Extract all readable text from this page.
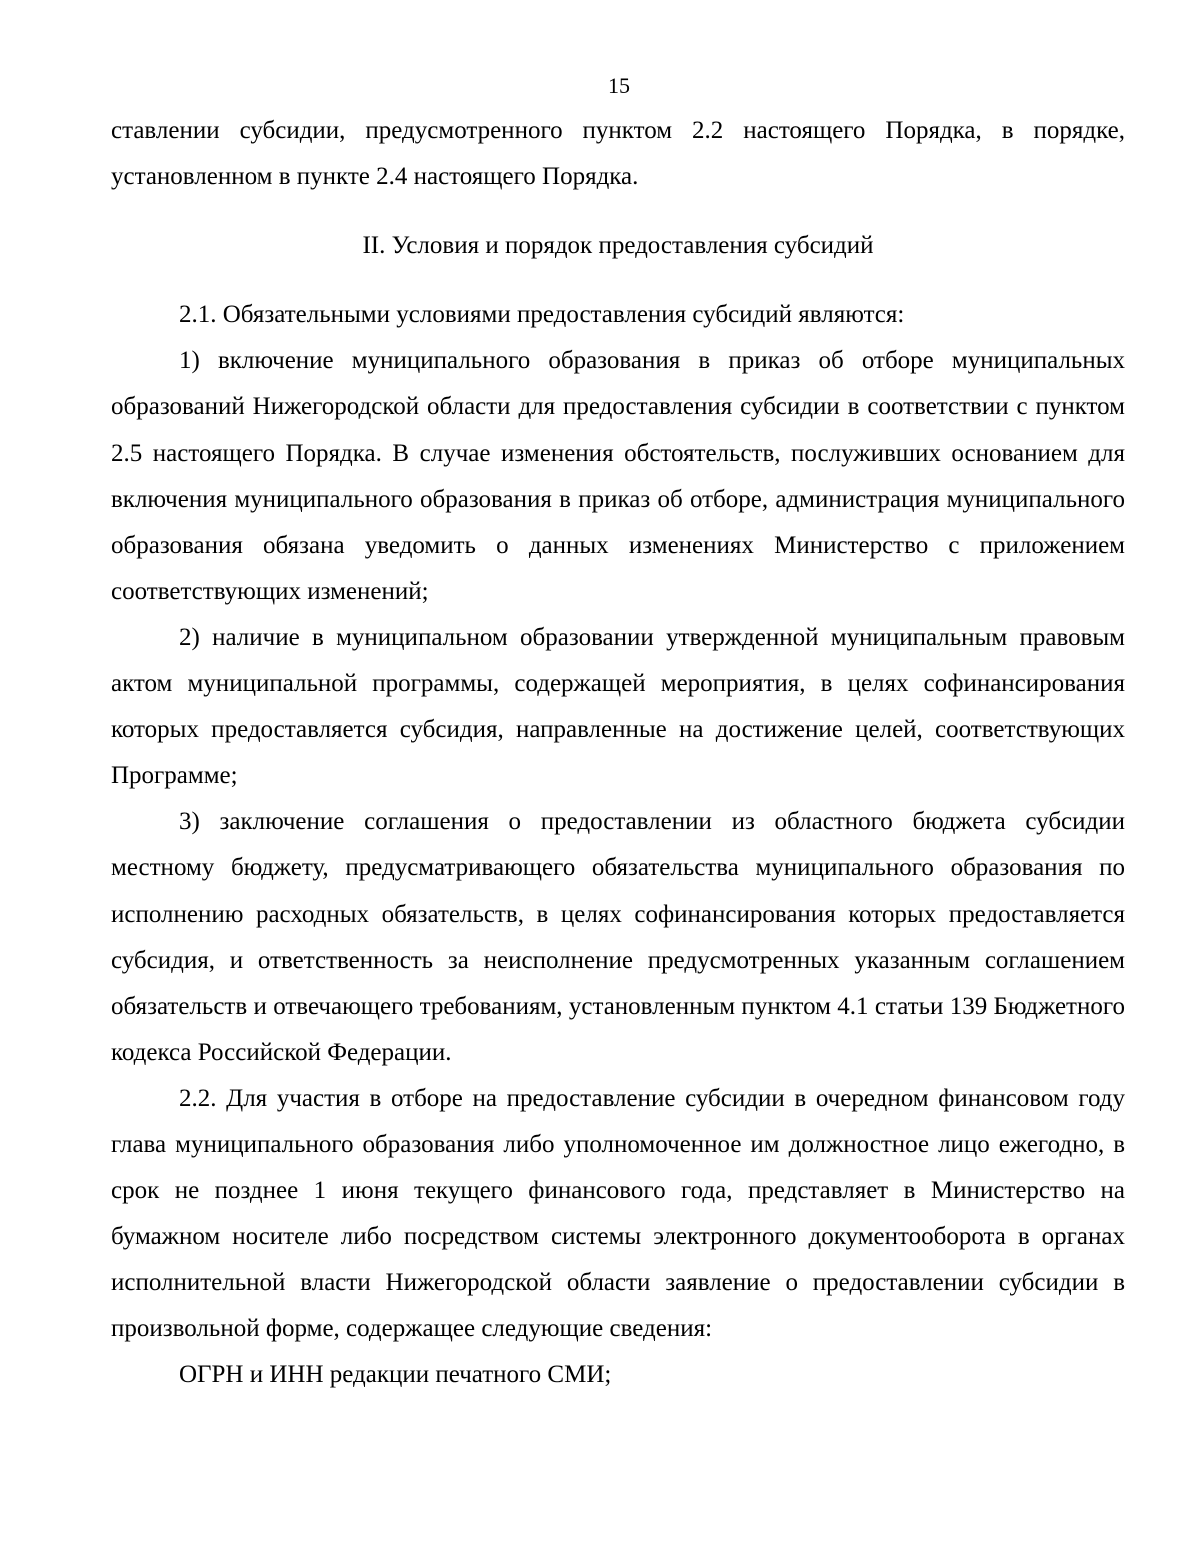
15

ставлении субсидии, предусмотренного пунктом 2.2 настоящего Порядка, в порядке, установленном в пункте 2.4 настоящего Порядка.

II. Условия и порядок предоставления субсидий

2.1. Обязательными условиями предоставления субсидий являются:

1) включение муниципального образования в приказ об отборе муниципальных образований Нижегородской области для предоставления субсидии в соответствии с пунктом 2.5 настоящего Порядка. В случае изменения обстоятельств, послуживших основанием для включения муниципального образования в приказ об отборе, администрация муниципального образования обязана уведомить о данных изменениях Министерство с приложением соответствующих изменений;

2) наличие в муниципальном образовании утвержденной муниципальным правовым актом муниципальной программы, содержащей мероприятия, в целях софинансирования которых предоставляется субсидия, направленные на достижение целей, соответствующих Программе;

3) заключение соглашения о предоставлении из областного бюджета субсидии местному бюджету, предусматривающего обязательства муниципального образования по исполнению расходных обязательств, в целях софинансирования которых предоставляется субсидия, и ответственность за неисполнение предусмотренных указанным соглашением обязательств и отвечающего требованиям, установленным пунктом 4.1 статьи 139 Бюджетного кодекса Российской Федерации.

2.2. Для участия в отборе на предоставление субсидии в очередном финансовом году глава муниципального образования либо уполномоченное им должностное лицо ежегодно, в срок не позднее 1 июня текущего финансового года, представляет в Министерство на бумажном носителе либо посредством системы электронного документооборота в органах исполнительной власти Нижегородской области заявление о предоставлении субсидии в произвольной форме, содержащее следующие сведения:

ОГРН и ИНН редакции печатного СМИ;
